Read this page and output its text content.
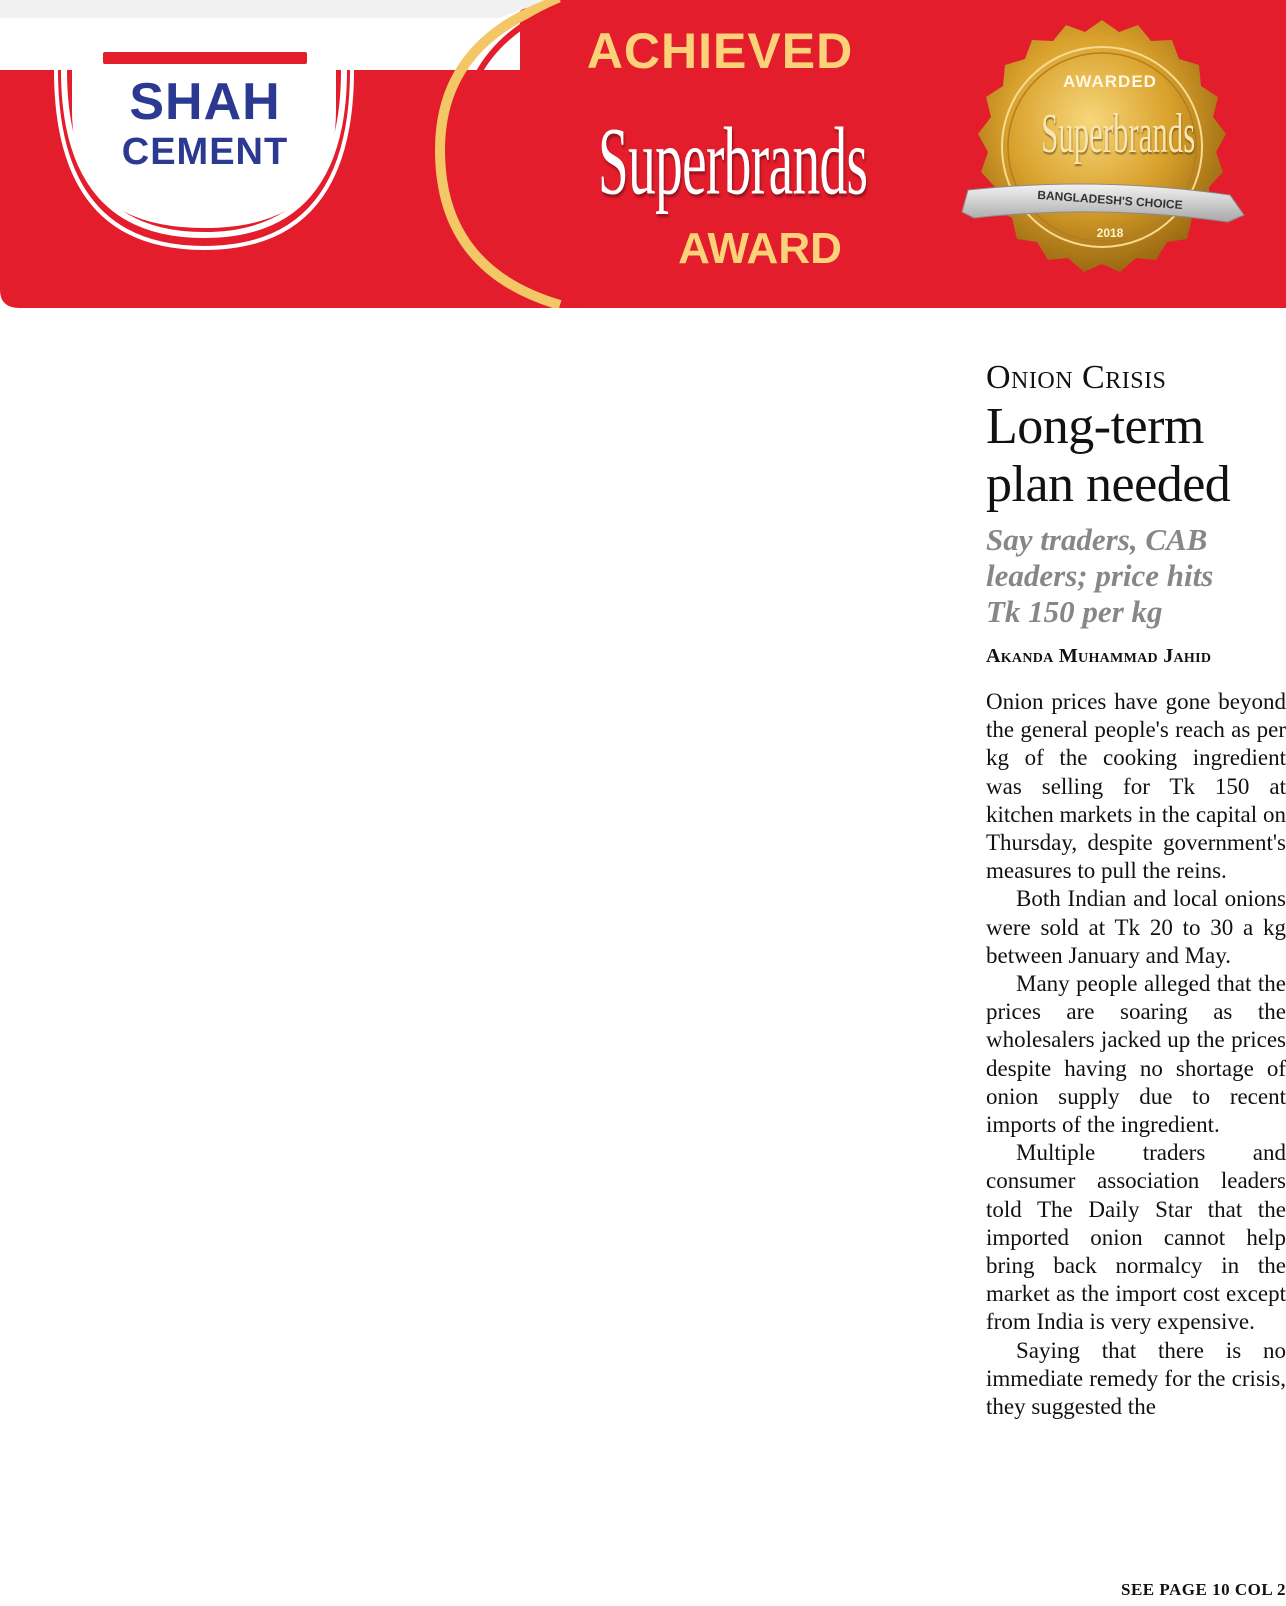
SHAH
CEMENT
ACHIEVED
Superbrands
AWARD
AWARDED
Superbrands
BANGLADESH'S CHOICE
2018
Onion Crisis
Long-term
plan needed
Say traders, CAB
leaders; price hits
Tk 150 per kg
Akanda Muhammad Jahid

Onion prices have gone beyond the general people's reach as per kg of the cooking ingredient was selling for Tk 150 at kitchen markets in the capital on Thursday, despite government's measures to pull the reins.

Both Indian and local onions were sold at Tk 20 to 30 a kg between January and May.

Many people alleged that the prices are soaring as the wholesalers jacked up the prices despite having no shortage of onion supply due to recent imports of the ingredient.

Multiple traders and consumer association leaders told The Daily Star that the imported onion cannot help bring back normalcy in the market as the import cost except from India is very expensive.

Saying that there is no immediate remedy for the crisis, they suggested the

SEE PAGE 10 COL 2
